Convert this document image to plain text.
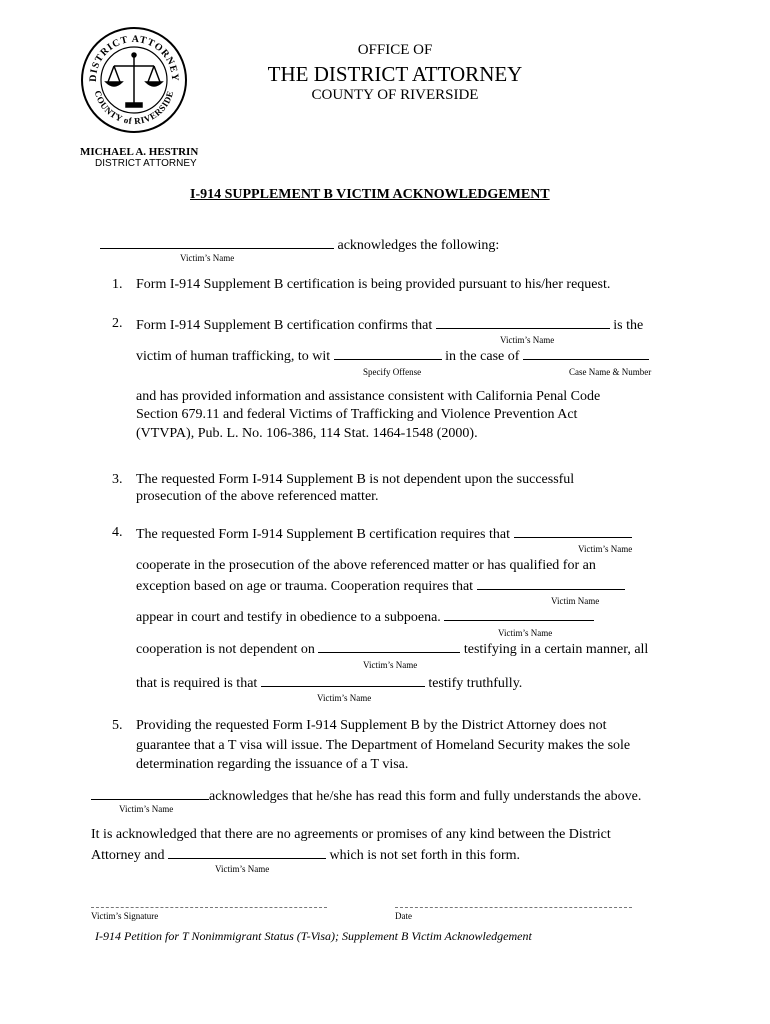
DISTRICT ATTORNEY
COUNTY of RIVERSIDE
OFFICE OF
THE DISTRICT ATTORNEY
COUNTY OF RIVERSIDE
MICHAEL A. HESTRIN
DISTRICT ATTORNEY
I-914 SUPPLEMENT B VICTIM ACKNOWLEDGEMENT
acknowledges the following:
Victim’s Name
1. Form I-914 Supplement B certification is being provided pursuant to his/her request.
2. Form I-914 Supplement B certification confirms that	is the
Victim’s Name
victim of human trafficking, to wit	in the case of
Specify Offense	Case Name & Number
and has provided information and assistance consistent with California Penal Code
Section 679.11 and federal Victims of Trafficking and Violence Prevention Act
(VTVPA), Pub. L. No. 106-386, 114 Stat. 1464-1548 (2000).
3. The requested Form I-914 Supplement B is not dependent upon the successful
prosecution of the above referenced matter.
4. The requested Form I-914 Supplement B certification requires that
Victim’s Name
cooperate in the prosecution of the above referenced matter or has qualified for an
exception based on age or trauma. Cooperation requires that
Victim Name
appear in court and testify in obedience to a subpoena.
Victim’s Name
cooperation is not dependent on	testifying in a certain manner, all
Victim’s Name
that is required is that	testify truthfully.
Victim’s Name
5. Providing the requested Form I-914 Supplement B by the District Attorney does not
guarantee that a T visa will issue. The Department of Homeland Security makes the sole
determination regarding the issuance of a T visa.
acknowledges that he/she has read this form and fully understands the above.
Victim’s Name
It is acknowledged that there are no agreements or promises of any kind between the District
Attorney and	which is not set forth in this form.
Victim’s Name
Victim’s Signature	Date
I-914 Petition for T Nonimmigrant Status (T-Visa); Supplement B Victim Acknowledgement
